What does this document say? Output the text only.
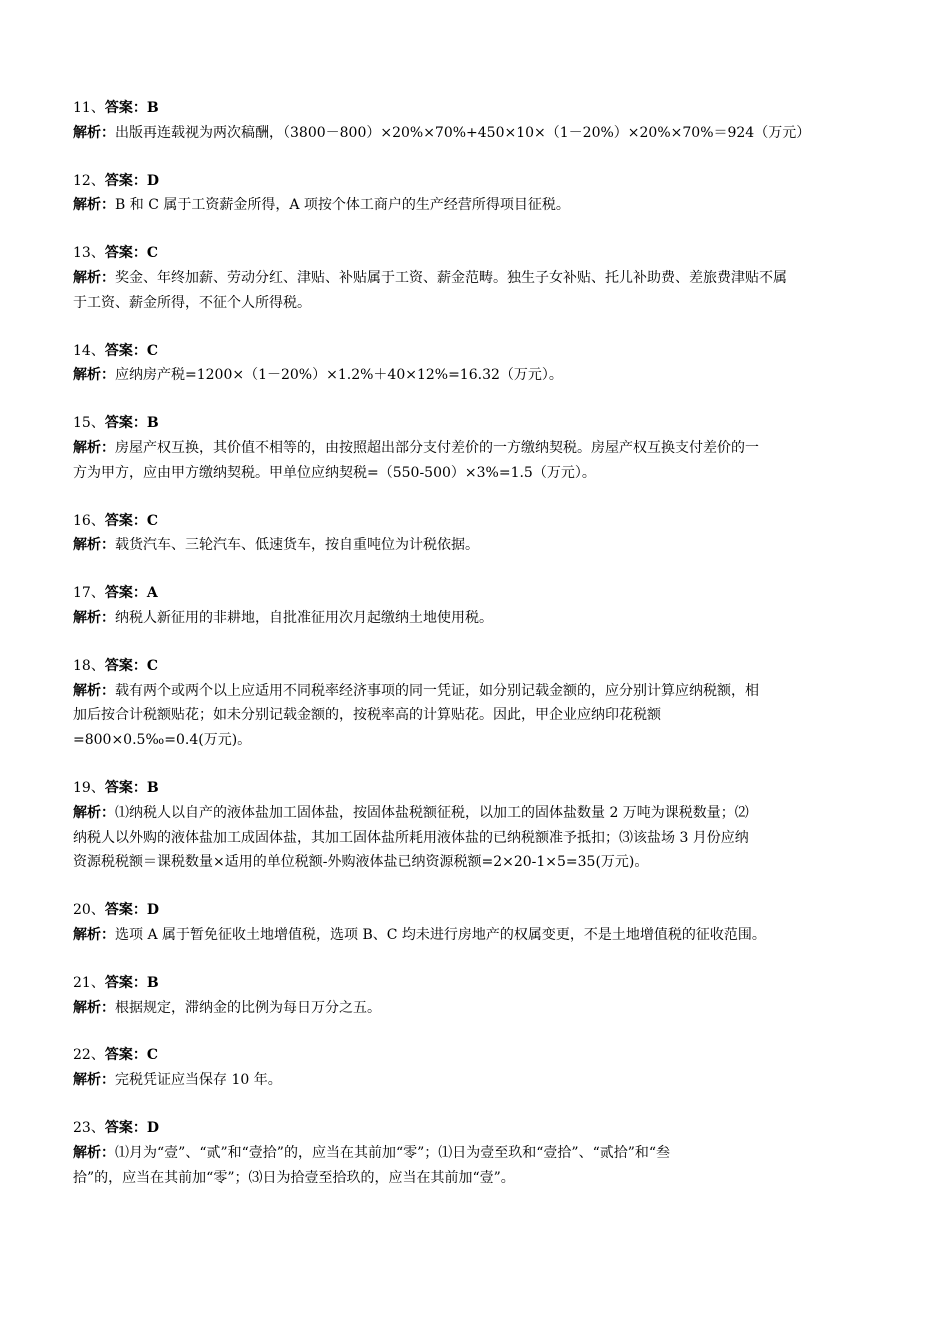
11、答案：B
解析：出版再连载视为两次稿酬，（3800－800）×20%×70%+450×10×（1－20%）×20%×70%＝924（万元）
12、答案：D
解析：B 和 C 属于工资薪金所得，A 项按个体工商户的生产经营所得项目征税。
13、答案：C
解析：奖金、年终加薪、劳动分红、津贴、补贴属于工资、薪金范畴。独生子女补贴、托儿补助费、差旅费津贴不属
于工资、薪金所得，不征个人所得税。
14、答案：C
解析：应纳房产税=1200×（1－20%）×1.2%＋40×12%=16.32（万元）。
15、答案：B
解析：房屋产权互换，其价值不相等的，由按照超出部分支付差价的一方缴纳契税。房屋产权互换支付差价的一
方为甲方，应由甲方缴纳契税。甲单位应纳契税=（550-500）×3%=1.5（万元）。
16、答案：C
解析：载货汽车、三轮汽车、低速货车，按自重吨位为计税依据。
17、答案：A
解析：纳税人新征用的非耕地，自批准征用次月起缴纳土地使用税。
18、答案：C
解析：载有两个或两个以上应适用不同税率经济事项的同一凭证，如分别记载金额的，应分别计算应纳税额，相
加后按合计税额贴花；如未分别记载金额的，按税率高的计算贴花。因此，甲企业应纳印花税额
=800×0.5‰=0.4(万元)。
19、答案：B
解析：⑴纳税人以自产的液体盐加工固体盐，按固体盐税额征税，以加工的固体盐数量 2 万吨为课税数量；⑵
纳税人以外购的液体盐加工成固体盐，其加工固体盐所耗用液体盐的已纳税额准予抵扣；⑶该盐场 3 月份应纳
资源税税额＝课税数量×适用的单位税额-外购液体盐已纳资源税额=2×20-1×5=35(万元)。
20、答案：D
解析：选项 A 属于暂免征收土地增值税，选项 B、C 均未进行房地产的权属变更，不是土地增值税的征收范围。
21、答案：B
解析：根据规定，滞纳金的比例为每日万分之五。
22、答案：C
解析：完税凭证应当保存 10 年。
23、答案：D
解析：⑴月为“壹”、“贰”和“壹拾”的，应当在其前加“零”；⑴日为壹至玖和“壹拾”、“贰拾”和“叁
拾”的，应当在其前加“零”；⑶日为拾壹至拾玖的，应当在其前加“壹”。
